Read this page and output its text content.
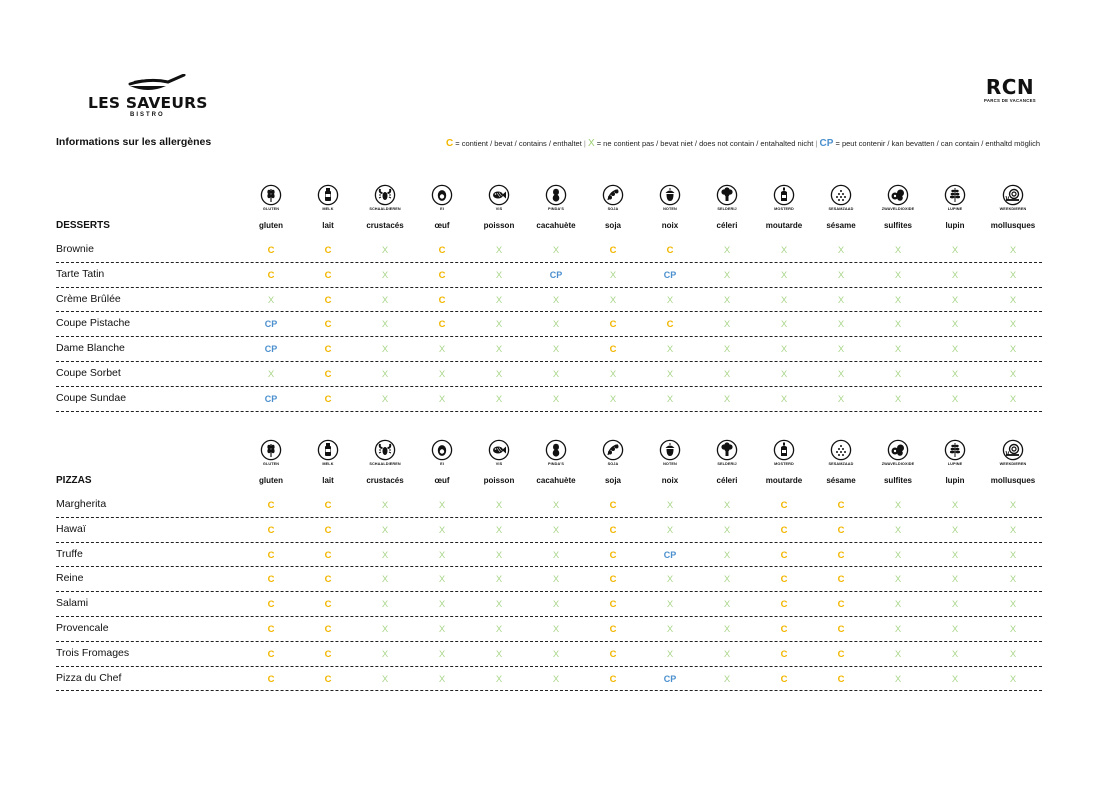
LES SAVEURS
BISTRO
RCN
PARCS DE VACANCES
Informations sur les allergènes	C = contient / bevat / contains / enthaltet | X = ne contient pas / bevat niet / does not contain / entahalted nicht | CP = peut contenir / kan bevatten / can contain / enthaltd möglich
GLUTEN	MELK	SCHAALDIEREN	EI	VIS	PINDA'S	SOJA	NOTEN	SELDERIJ	MOSTERD	SESAMZAAD	ZWAVELDIOXIDE	LUPINE	WEEKDIEREN
DESSERTS	gluten	lait	crustacés	œuf	poisson	cacahuète	soja	noix	céleri	moutarde	sésame	sulfites	lupin	mollusques
Brownie	C	C	X	C	X	X	C	C	X	X	X	X	X	X
Tarte Tatin	C	C	X	C	X	CP	X	CP	X	X	X	X	X	X
Crème Brûlée	X	C	X	C	X	X	X	X	X	X	X	X	X	X
Coupe Pistache	CP	C	X	C	X	X	C	C	X	X	X	X	X	X
Dame Blanche	CP	C	X	X	X	X	C	X	X	X	X	X	X	X
Coupe Sorbet	X	C	X	X	X	X	X	X	X	X	X	X	X	X
Coupe Sundae	CP	C	X	X	X	X	X	X	X	X	X	X	X	X
GLUTEN	MELK	SCHAALDIEREN	EI	VIS	PINDA'S	SOJA	NOTEN	SELDERIJ	MOSTERD	SESAMZAAD	ZWAVELDIOXIDE	LUPINE	WEEKDIEREN
PIZZAS	gluten	lait	crustacés	œuf	poisson	cacahuète	soja	noix	céleri	moutarde	sésame	sulfites	lupin	mollusques
Margherita	C	C	X	X	X	X	C	X	X	C	C	X	X	X
Hawaï	C	C	X	X	X	X	C	X	X	C	C	X	X	X
Truffe	C	C	X	X	X	X	C	CP	X	C	C	X	X	X
Reine	C	C	X	X	X	X	C	X	X	C	C	X	X	X
Salami	C	C	X	X	X	X	C	X	X	C	C	X	X	X
Provencale	C	C	X	X	X	X	C	X	X	C	C	X	X	X
Trois Fromages	C	C	X	X	X	X	C	X	X	C	C	X	X	X
Pizza du Chef	C	C	X	X	X	X	C	CP	X	C	C	X	X	X
